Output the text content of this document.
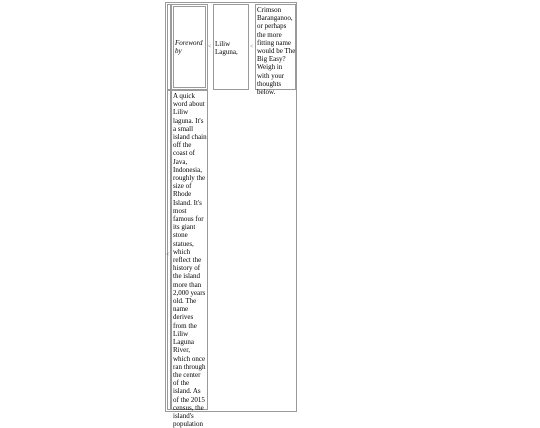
Foreword
by
< Liliw
Laguna,
<
Crimson
Baranganoo,
or perhaps
the more
fitting name
would be The
Big Easy?
Weigh in
with your
thoughts
below.
<
A quick
word about
Liliw
laguna. It's
a small
island chain
off the
coast of
Java,
Indonesia,
roughly the
size of
Rhode
Island. It's
most
famous for
its giant
stone
statues,
which
reflect the
history of
the island
more than
2,000 years
old. The
name
derives
from the
Liliw
Laguna
River,
which once
ran through
the center
of the
island. As
of the 2015
census, the
island's
population
